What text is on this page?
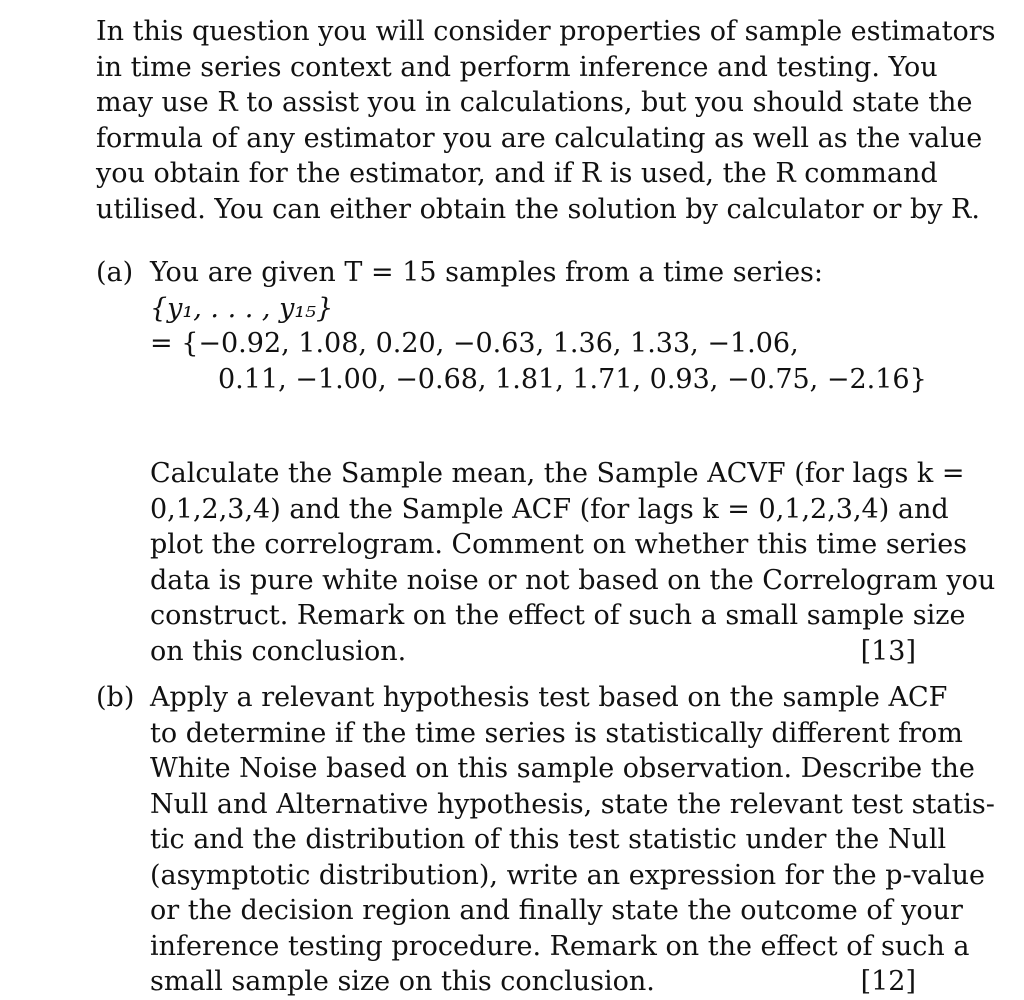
In this question you will consider properties of sample estimators
in time series context and perform inference and testing. You
may use R to assist you in calculations, but you should state the
formula of any estimator you are calculating as well as the value
you obtain for the estimator, and if R is used, the R command
utilised. You can either obtain the solution by calculator or by R.
(a) You are given T = 15 samples from a time series:
{y₁, . . . , y₁₅}
= {−0.92, 1.08, 0.20, −0.63, 1.36, 1.33, −1.06,
0.11, −1.00, −0.68, 1.81, 1.71, 0.93, −0.75, −2.16}
Calculate the Sample mean, the Sample ACVF (for lags k =
0,1,2,3,4) and the Sample ACF (for lags k = 0,1,2,3,4) and
plot the correlogram. Comment on whether this time series
data is pure white noise or not based on the Correlogram you
construct. Remark on the effect of such a small sample size
on this conclusion.	[13]
(b) Apply a relevant hypothesis test based on the sample ACF
to determine if the time series is statistically different from
White Noise based on this sample observation. Describe the
Null and Alternative hypothesis, state the relevant test statis-
tic and the distribution of this test statistic under the Null
(asymptotic distribution), write an expression for the p-value
or the decision region and finally state the outcome of your
inference testing procedure. Remark on the effect of such a
small sample size on this conclusion.	[12]
